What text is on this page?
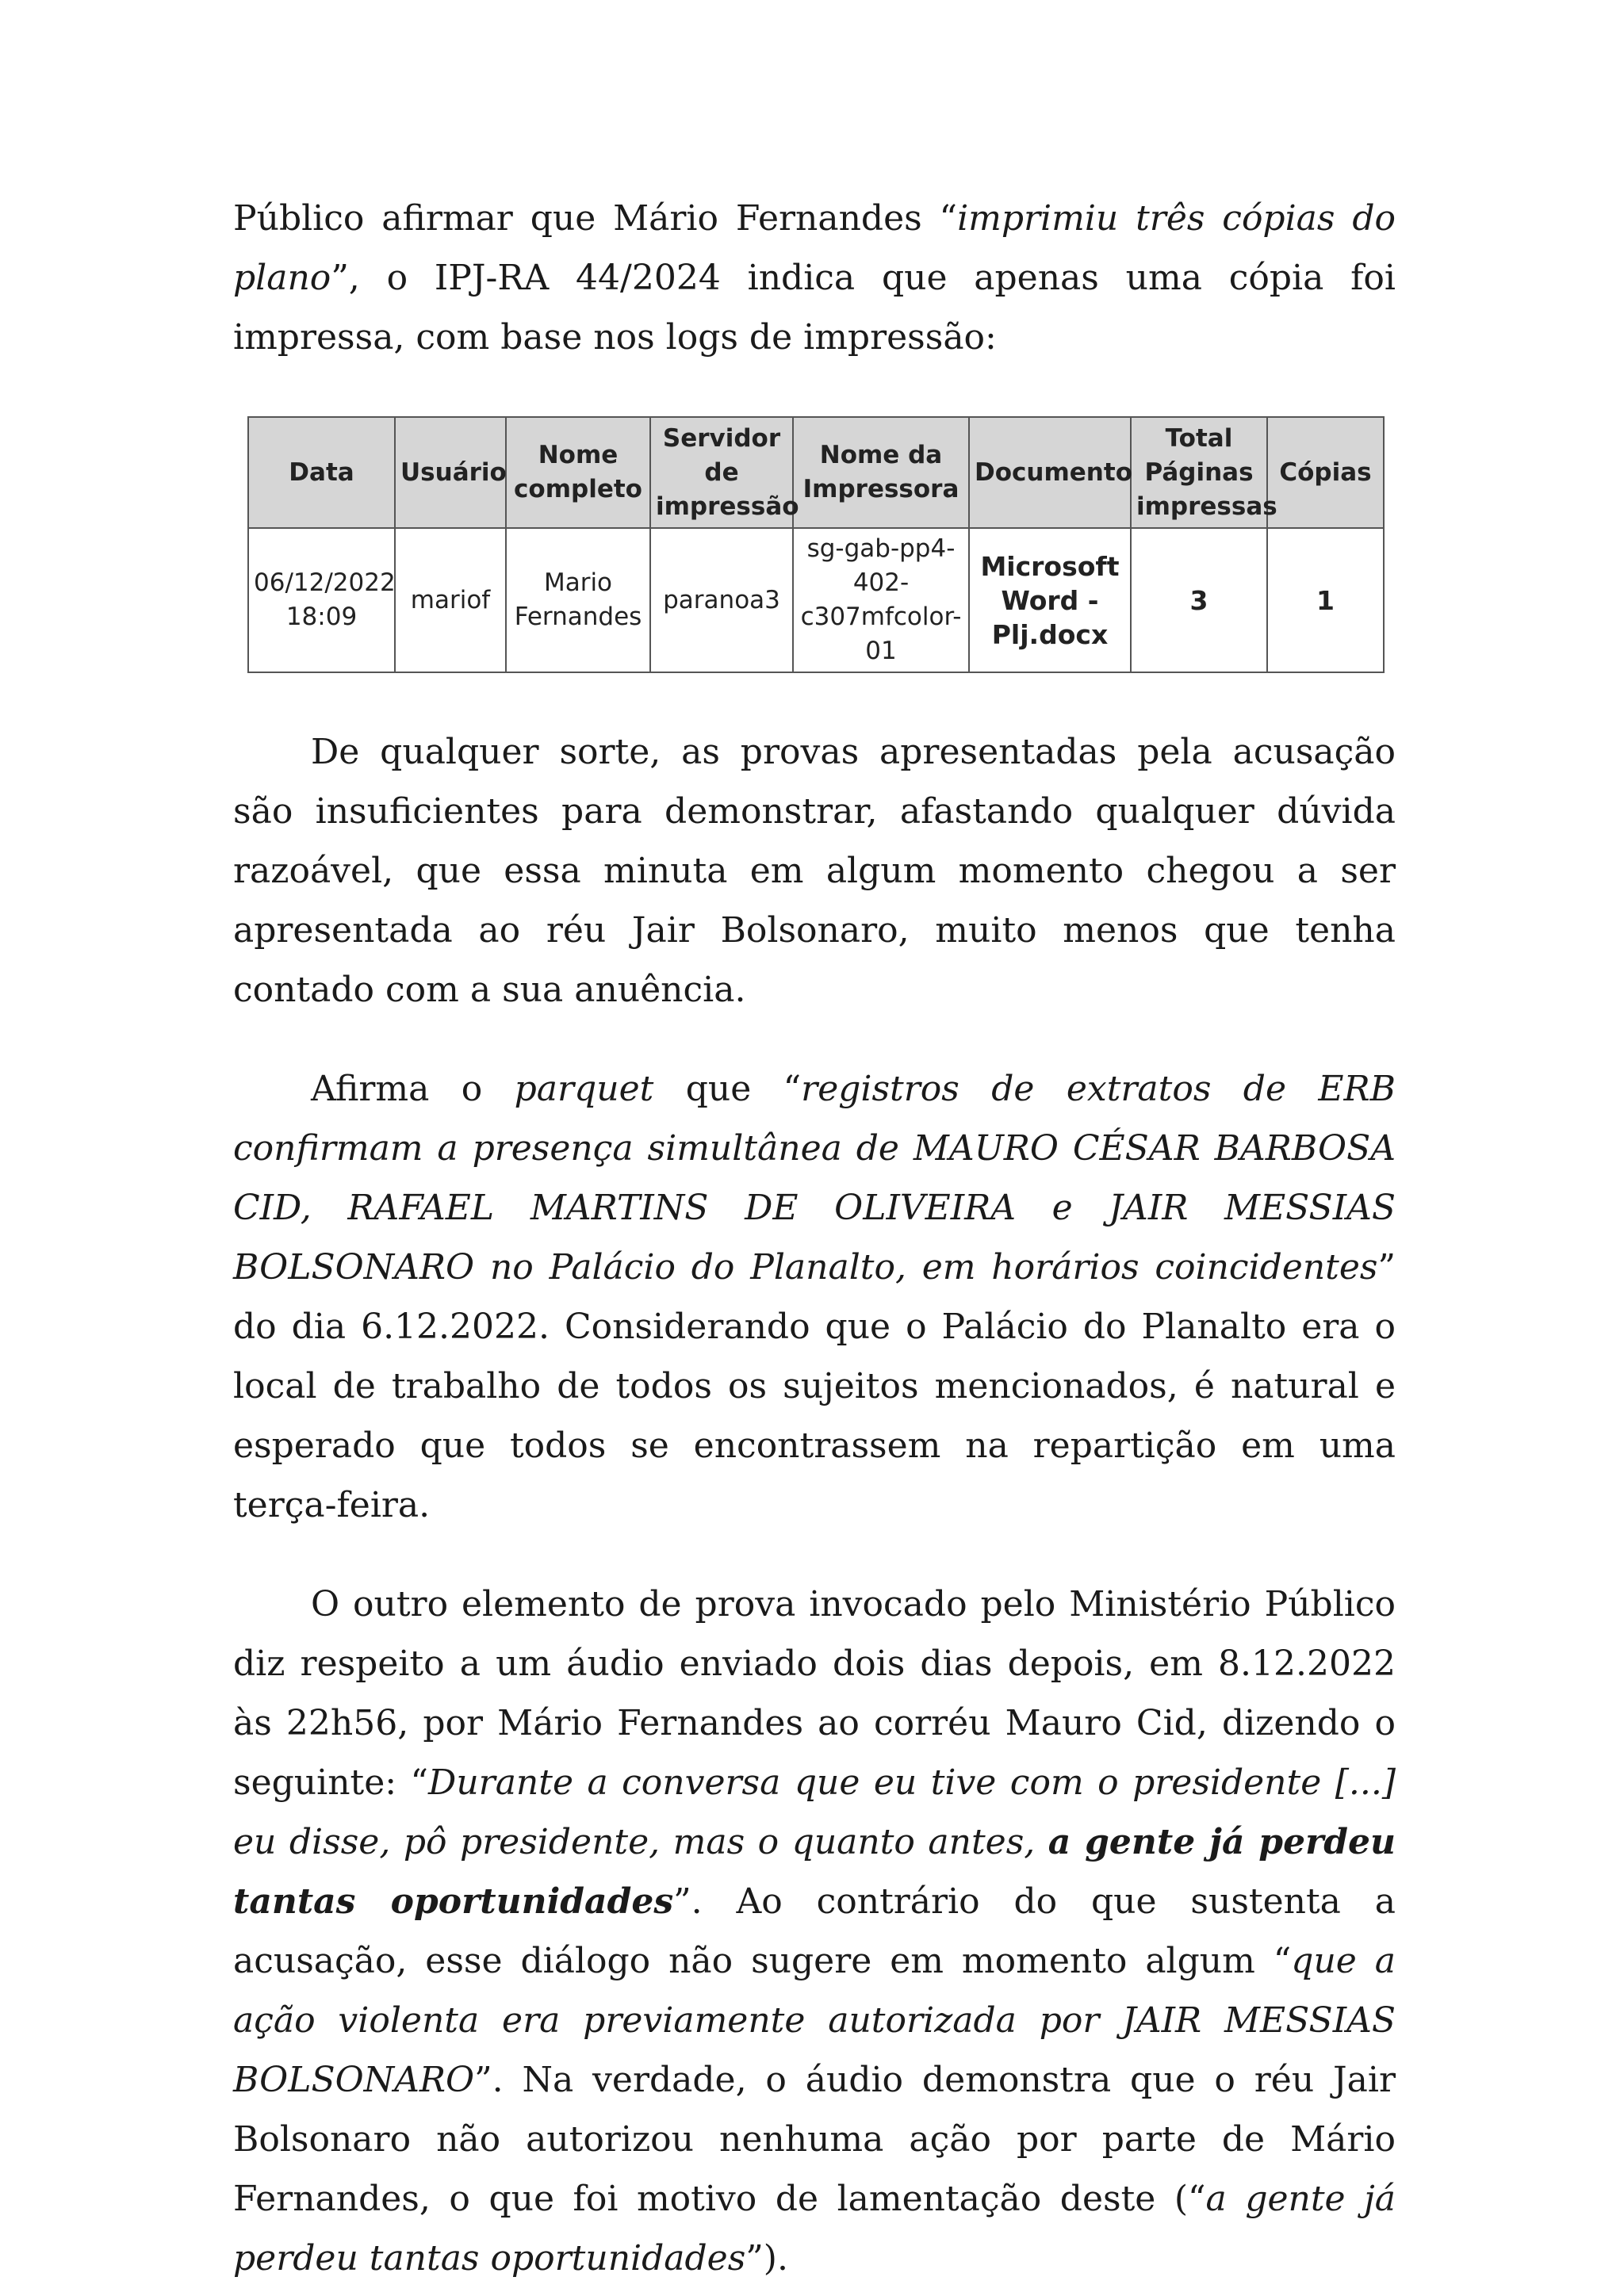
Público afirmar que Mário Fernandes “imprimiu três cópias do plano”, o IPJ-RA 44/2024 indica que apenas uma cópia foi impressa, com base nos logs de impressão:

Data	Usuário	Nome completo	Servidor de impressão	Nome da Impressora	Documento	Total Páginas impressas	Cópias
06/12/2022 18:09	mariof	Mario Fernandes	paranoa3	sg-gab-pp4-402-c307mfcolor-01	Microsoft Word - Plj.docx	3	1

De qualquer sorte, as provas apresentadas pela acusação são insuficientes para demonstrar, afastando qualquer dúvida razoável, que essa minuta em algum momento chegou a ser apresentada ao réu Jair Bolsonaro, muito menos que tenha contado com a sua anuência.

Afirma o parquet que “registros de extratos de ERB confirmam a presença simultânea de MAURO CÉSAR BARBOSA CID, RAFAEL MARTINS DE OLIVEIRA e JAIR MESSIAS BOLSONARO no Palácio do Planalto, em horários coincidentes” do dia 6.12.2022. Considerando que o Palácio do Planalto era o local de trabalho de todos os sujeitos mencionados, é natural e esperado que todos se encontrassem na repartição em uma terça-feira.

O outro elemento de prova invocado pelo Ministério Público diz respeito a um áudio enviado dois dias depois, em 8.12.2022 às 22h56, por Mário Fernandes ao corréu Mauro Cid, dizendo o seguinte: “Durante a conversa que eu tive com o presidente [...] eu disse, pô presidente, mas o quanto antes, a gente já perdeu tantas oportunidades”. Ao contrário do que sustenta a acusação, esse diálogo não sugere em momento algum “que a ação violenta era previamente autorizada por JAIR MESSIAS BOLSONARO”. Na verdade, o áudio demonstra que o réu Jair Bolsonaro não autorizou nenhuma ação por parte de Mário Fernandes, o que foi motivo de lamentação deste (“a gente já perdeu tantas oportunidades”).
